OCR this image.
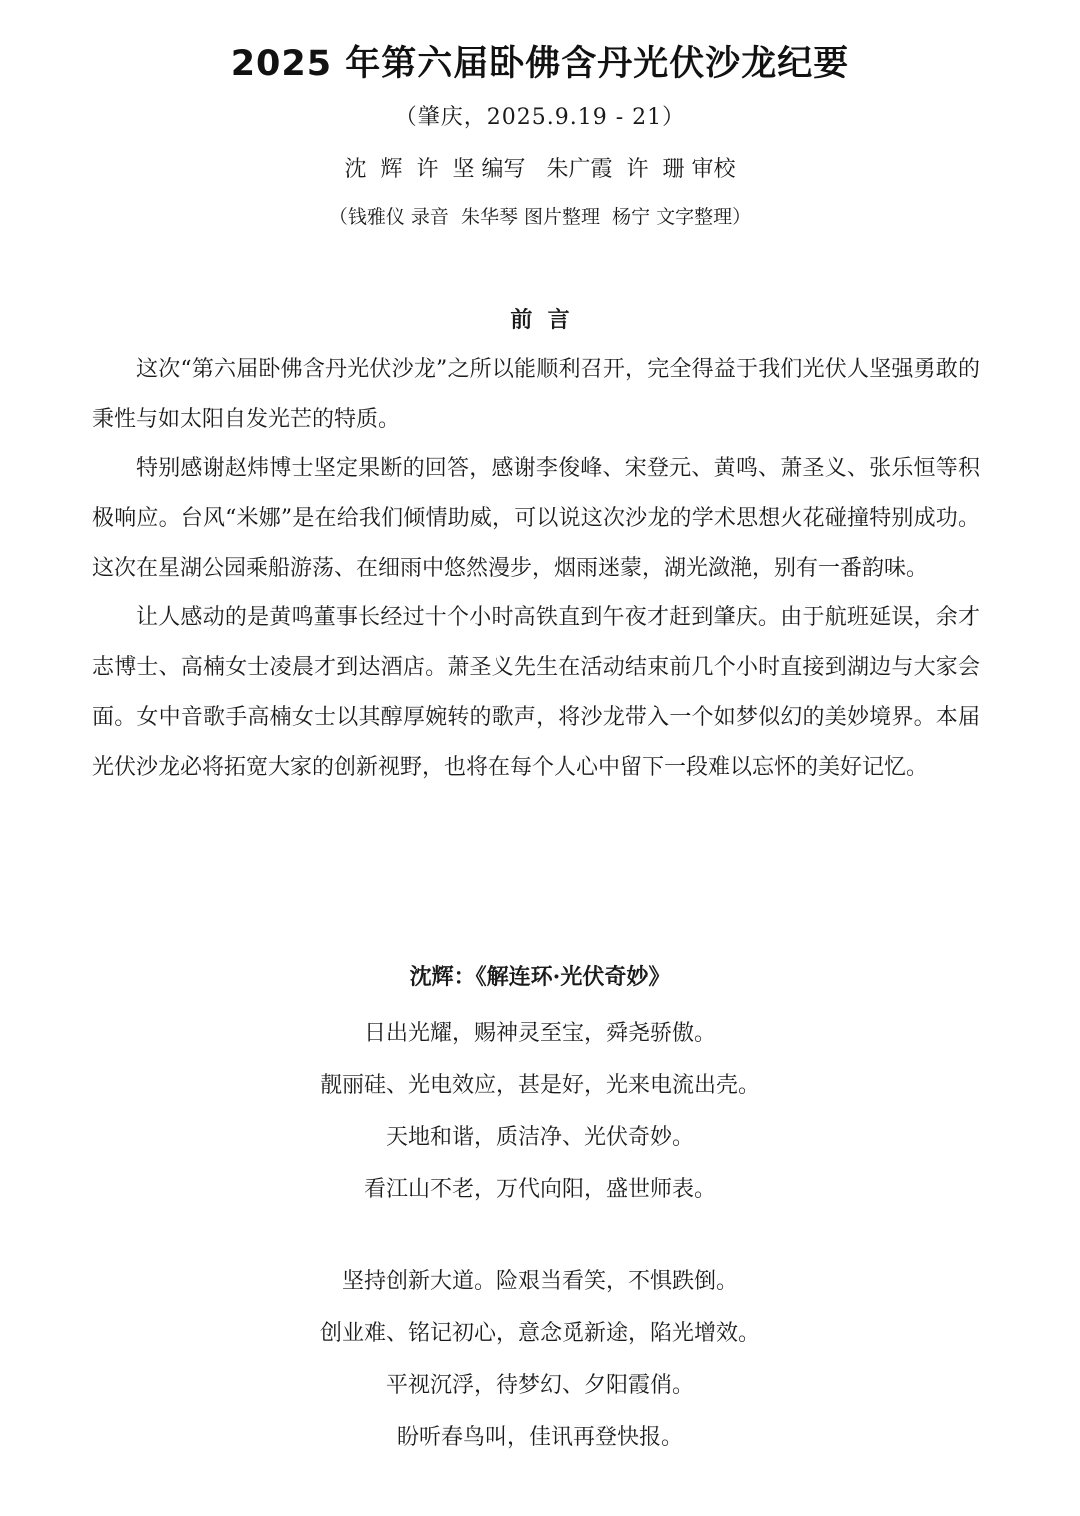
2025 年第六届卧佛含丹光伏沙龙纪要
（肇庆，2025.9.19 - 21）
沈  辉  许  坚 编写   朱广霞  许  珊 审校
（钱雅仪 录音  朱华琴 图片整理  杨宁 文字整理）
前  言

这次“第六届卧佛含丹光伏沙龙”之所以能顺利召开，完全得益于我们光伏人坚强勇敢的秉性与如太阳自发光芒的特质。

特别感谢赵炜博士坚定果断的回答，感谢李俊峰、宋登元、黄鸣、萧圣义、张乐恒等积极响应。台风“米娜”是在给我们倾情助威，可以说这次沙龙的学术思想火花碰撞特别成功。这次在星湖公园乘船游荡、在细雨中悠然漫步，烟雨迷蒙，湖光潋滟，别有一番韵味。

让人感动的是黄鸣董事长经过十个小时高铁直到午夜才赶到肇庆。由于航班延误，余才志博士、高楠女士凌晨才到达酒店。萧圣义先生在活动结束前几个小时直接到湖边与大家会面。女中音歌手高楠女士以其醇厚婉转的歌声，将沙龙带入一个如梦似幻的美妙境界。本届光伏沙龙必将拓宽大家的创新视野，也将在每个人心中留下一段难以忘怀的美好记忆。

沈辉：《解连环·光伏奇妙》
日出光耀，赐神灵至宝，舜尧骄傲。
靓丽硅、光电效应，甚是好，光来电流出壳。
天地和谐，质洁净、光伏奇妙。
看江山不老，万代向阳，盛世师表。
坚持创新大道。险艰当看笑，不惧跌倒。
创业难、铭记初心，意念觅新途，陷光增效。
平视沉浮，待梦幻、夕阳霞俏。
盼听春鸟叫，佳讯再登快报。
